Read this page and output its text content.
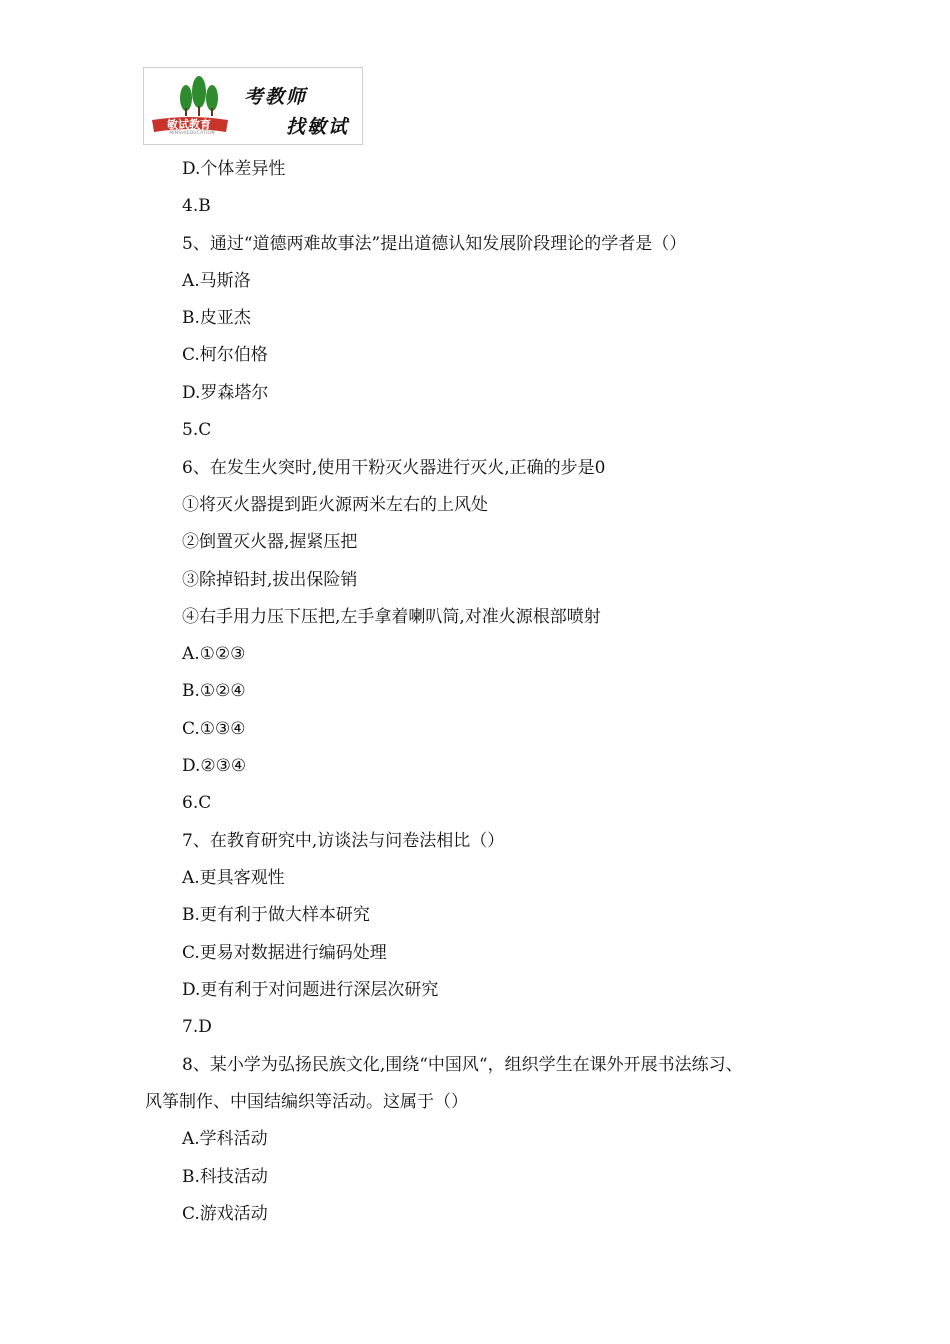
敏试教育
MINSHIEDUCATION
考教师
找敏试
D.个体差异性
4.B
5、通过“道德两难故事法”提出道德认知发展阶段理论的学者是（）
A.马斯洛
B.皮亚杰
C.柯尔伯格
D.罗森塔尔
5.C
6、在发生火突时,使用干粉灭火器进行灭火,正确的步是0
①将灭火器提到距火源两米左右的上风处
②倒置灭火器,握紧压把
③除掉铅封,拔出保险销
④右手用力压下压把,左手拿着喇叭筒,对准火源根部喷射
A.①②③
B.①②④
C.①③④
D.②③④
6.C
7、在教育研究中,访谈法与问卷法相比（）
A.更具客观性
B.更有利于做大样本研究
C.更易对数据进行编码处理
D.更有利于对问题进行深层次研究
7.D
8、某小学为弘扬民族文化,围绕“中国风“，组织学生在课外开展书法练习、
风筝制作、中国结编织等活动。这属于（）
A.学科活动
B.科技活动
C.游戏活动
